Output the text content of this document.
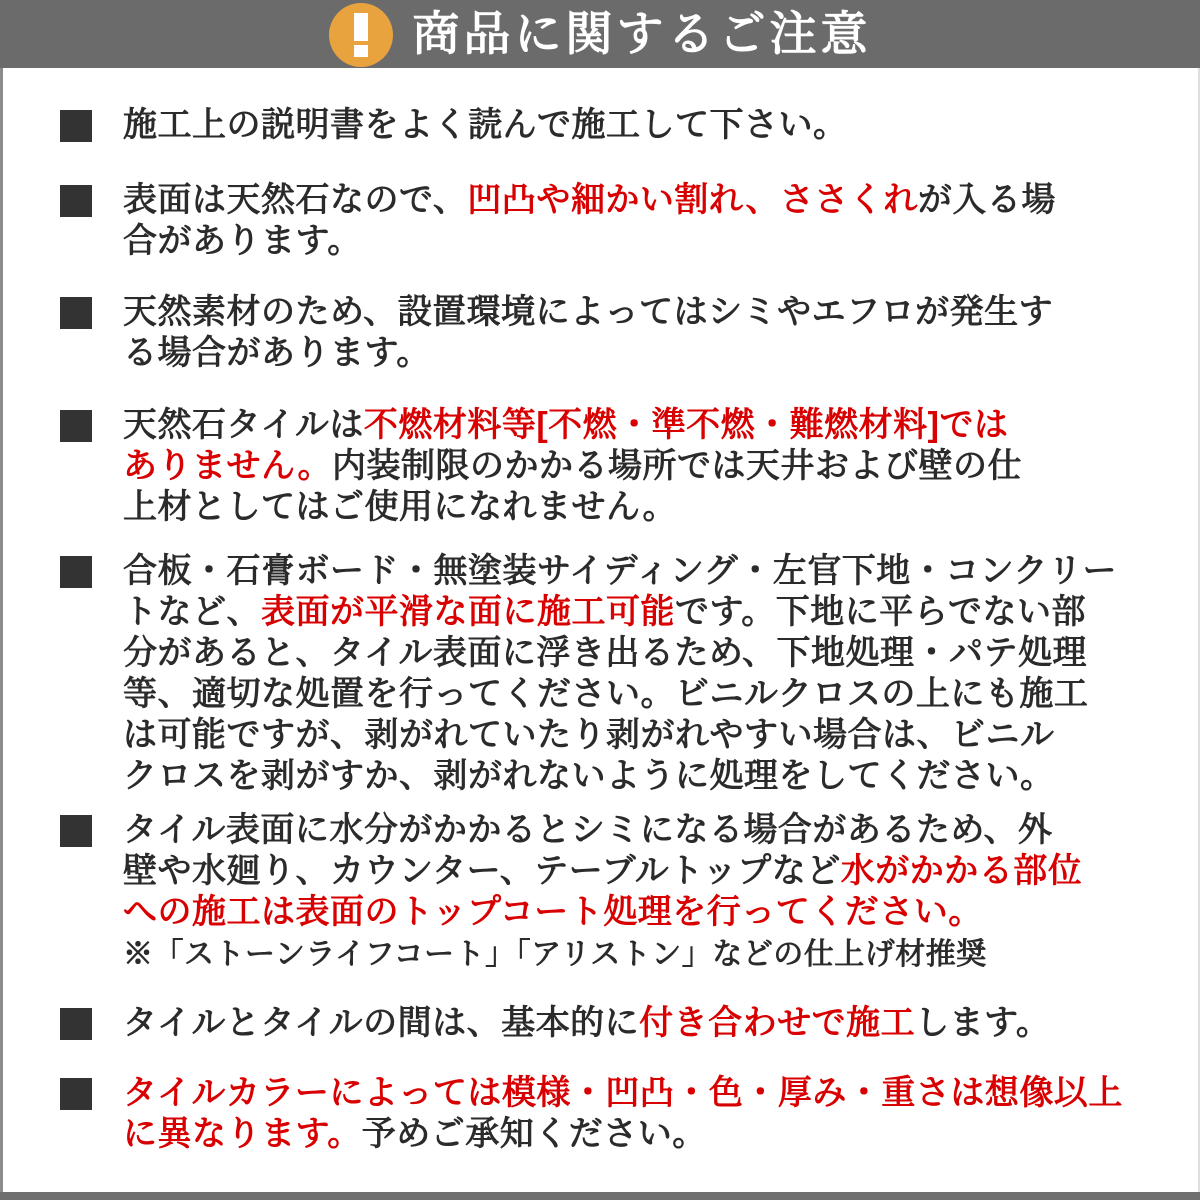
商品に関するご注意

施工上の説明書をよく読んで施工して下さい。

表面は天然石なので、凹凸や細かい割れ、ささくれが入る場
合があります。

天然素材のため、設置環境によってはシミやエフロが発生す
る場合があります。

天然石タイルは不燃材料等[不燃・準不燃・難燃材料]では
ありません。内装制限のかかる場所では天井および壁の仕
上材としてはご使用になれません。

合板・石膏ボード・無塗装サイディング・左官下地・コンクリー
トなど、表面が平滑な面に施工可能です。下地に平らでない部
分があると、タイル表面に浮き出るため、下地処理・パテ処理
等、適切な処置を行ってください。ビニルクロスの上にも施工
は可能ですが、剥がれていたり剥がれやすい場合は、ビニル
クロスを剥がすか、剥がれないように処理をしてください。

タイル表面に水分がかかるとシミになる場合があるため、外
壁や水廻り、カウンター、テーブルトップなど水がかかる部位
への施工は表面のトップコート処理を行ってください。
※「ストーンライフコート」「アリストン」などの仕上げ材推奨

タイルとタイルの間は、基本的に付き合わせで施工します。

タイルカラーによっては模様・凹凸・色・厚み・重さは想像以上
に異なります。予めご承知ください。
